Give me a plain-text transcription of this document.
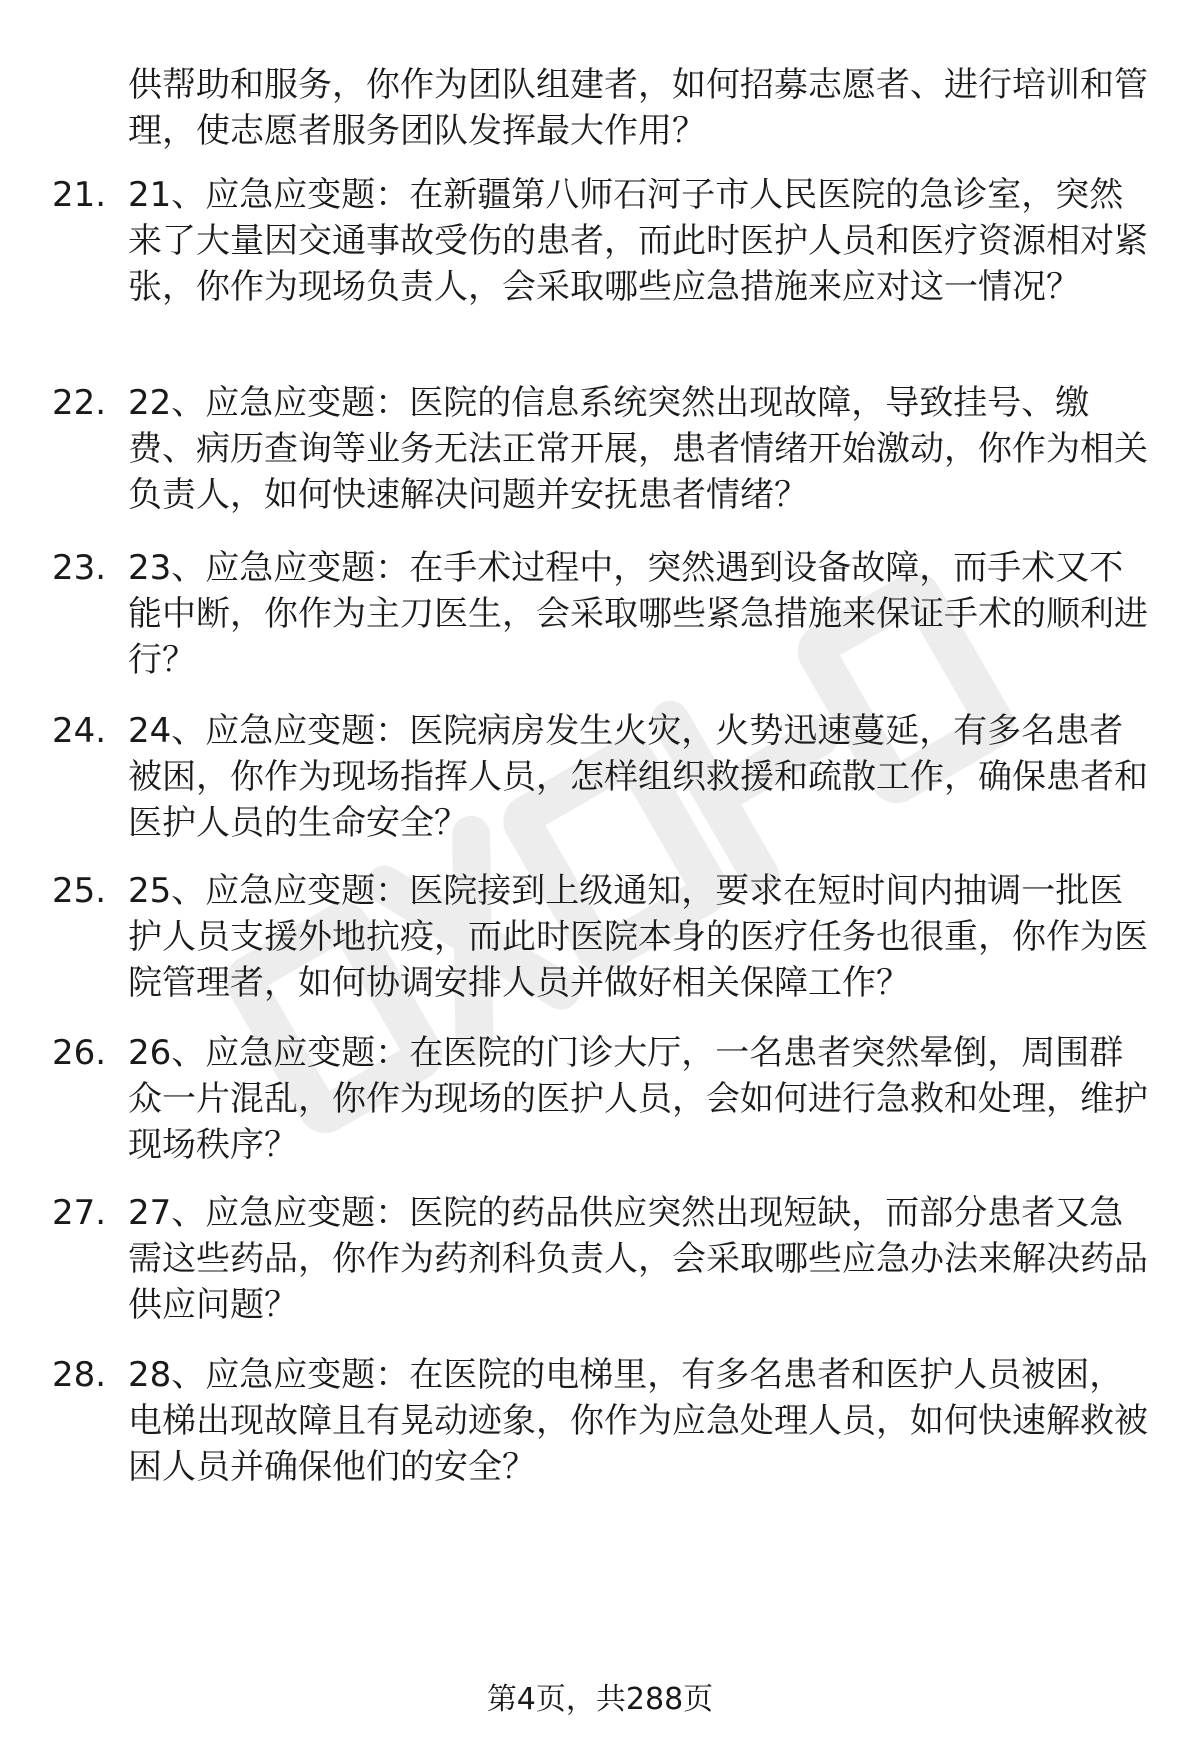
供帮助和服务，你作为团队组建者，如何招募志愿者、进行培训和管理，使志愿者服务团队发挥最大作用？

21. 21、应急应变题：在新疆第八师石河子市人民医院的急诊室，突然来了大量因交通事故受伤的患者，而此时医护人员和医疗资源相对紧张，你作为现场负责人，会采取哪些应急措施来应对这一情况？

22. 22、应急应变题：医院的信息系统突然出现故障，导致挂号、缴费、病历查询等业务无法正常开展，患者情绪开始激动，你作为相关负责人，如何快速解决问题并安抚患者情绪？

23. 23、应急应变题：在手术过程中，突然遇到设备故障，而手术又不能中断，你作为主刀医生，会采取哪些紧急措施来保证手术的顺利进行？

24. 24、应急应变题：医院病房发生火灾，火势迅速蔓延，有多名患者被困，你作为现场指挥人员，怎样组织救援和疏散工作，确保患者和医护人员的生命安全？

25. 25、应急应变题：医院接到上级通知，要求在短时间内抽调一批医护人员支援外地抗疫，而此时医院本身的医疗任务也很重，你作为医院管理者，如何协调安排人员并做好相关保障工作？

26. 26、应急应变题：在医院的门诊大厅，一名患者突然晕倒，周围群众一片混乱，你作为现场的医护人员，会如何进行急救和处理，维护现场秩序？

27. 27、应急应变题：医院的药品供应突然出现短缺，而部分患者又急需这些药品，你作为药剂科负责人，会采取哪些应急办法来解决药品供应问题？

28. 28、应急应变题：在医院的电梯里，有多名患者和医护人员被困，电梯出现故障且有晃动迹象，你作为应急处理人员，如何快速解救被困人员并确保他们的安全？

第4页，共288页
